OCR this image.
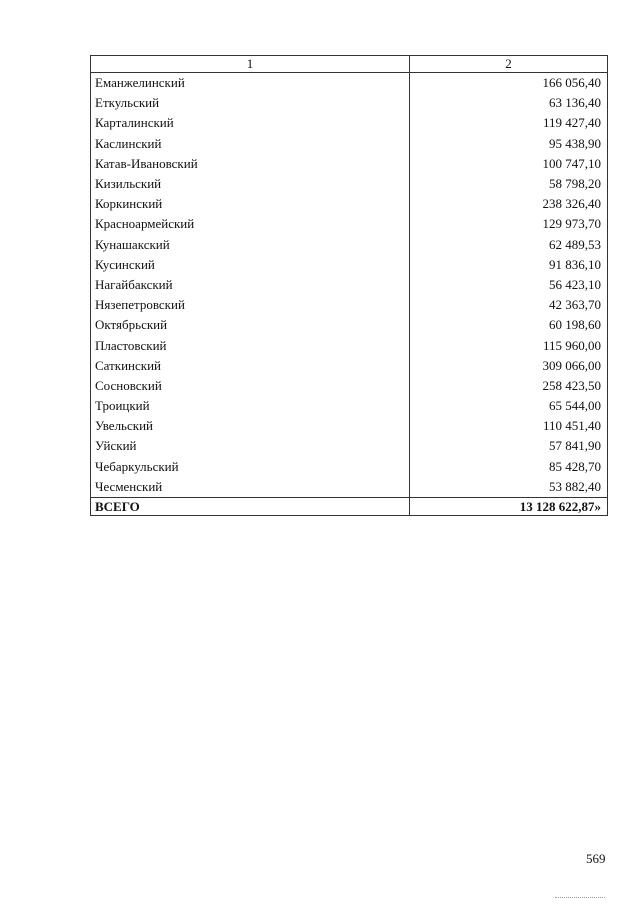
1	2
Еманжелинский	166 056,40
Еткульский	63 136,40
Карталинский	119 427,40
Каслинский	95 438,90
Катав-Ивановский	100 747,10
Кизильский	58 798,20
Коркинский	238 326,40
Красноармейский	129 973,70
Кунашакский	62 489,53
Кусинский	91 836,10
Нагайбакский	56 423,10
Нязепетровский	42 363,70
Октябрьский	60 198,60
Пластовский	115 960,00
Саткинский	309 066,00
Сосновский	258 423,50
Троицкий	65 544,00
Увельский	110 451,40
Уйский	57 841,90
Чебаркульский	85 428,70
Чесменский	53 882,40
ВСЕГО	13 128 622,87»
569
